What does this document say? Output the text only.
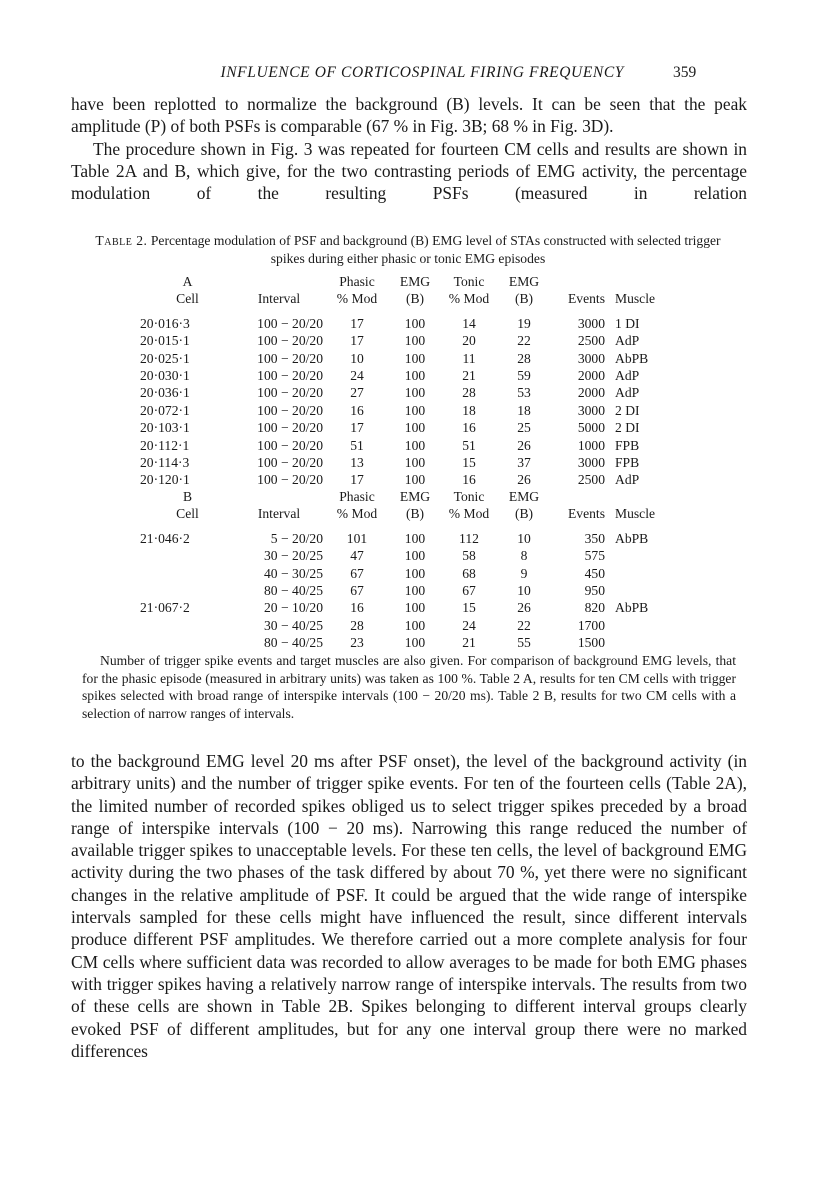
INFLUENCE OF CORTICOSPINAL FIRING FREQUENCY	359

have been replotted to normalize the background (B) levels. It can be seen that the peak amplitude (P) of both PSFs is comparable (67 % in Fig. 3B; 68 % in Fig. 3D).

The procedure shown in Fig. 3 was repeated for fourteen CM cells and results are shown in Table 2A and B, which give, for the two contrasting periods of EMG activity, the percentage modulation of the resulting PSFs (measured in relation

Table 2. Percentage modulation of PSF and background (B) EMG level of STAs constructed with selected trigger spikes during either phasic or tonic EMG episodes
A		Phasic	EMG	Tonic	EMG		
Cell	Interval	% Mod	(B)	% Mod	(B)	Events	Muscle

20·016·3	100 − 20/20	17	100	14	19	3000	1 DI
20·015·1	100 − 20/20	17	100	20	22	2500	AdP
20·025·1	100 − 20/20	10	100	11	28	3000	AbPB
20·030·1	100 − 20/20	24	100	21	59	2000	AdP
20·036·1	100 − 20/20	27	100	28	53	2000	AdP
20·072·1	100 − 20/20	16	100	18	18	3000	2 DI
20·103·1	100 − 20/20	17	100	16	25	5000	2 DI
20·112·1	100 − 20/20	51	100	51	26	1000	FPB
20·114·3	100 − 20/20	13	100	15	37	3000	FPB
20·120·1	100 − 20/20	17	100	16	26	2500	AdP
B		Phasic	EMG	Tonic	EMG		
Cell	Interval	% Mod	(B)	% Mod	(B)	Events	Muscle

21·046·2	5 − 20/20	101	100	112	10	350	AbPB
	30 − 20/25	47	100	58	8	575	
	40 − 30/25	67	100	68	9	450	
	80 − 40/25	67	100	67	10	950	
21·067·2	20 − 10/20	16	100	15	26	820	AbPB
	30 − 40/25	28	100	24	22	1700	
	80 − 40/25	23	100	21	55	1500	

Number of trigger spike events and target muscles are also given. For comparison of background EMG levels, that for the phasic episode (measured in arbitrary units) was taken as 100 %. Table 2 A, results for ten CM cells with trigger spikes selected with broad range of interspike intervals (100 − 20/20 ms). Table 2 B, results for two CM cells with a selection of narrow ranges of intervals.

to the background EMG level 20 ms after PSF onset), the level of the background activity (in arbitrary units) and the number of trigger spike events. For ten of the fourteen cells (Table 2A), the limited number of recorded spikes obliged us to select trigger spikes preceded by a broad range of interspike intervals (100 − 20 ms). Narrowing this range reduced the number of available trigger spikes to unacceptable levels. For these ten cells, the level of background EMG activity during the two phases of the task differed by about 70 %, yet there were no significant changes in the relative amplitude of PSF. It could be argued that the wide range of interspike intervals sampled for these cells might have influenced the result, since different intervals produce different PSF amplitudes. We therefore carried out a more complete analysis for four CM cells where sufficient data was recorded to allow averages to be made for both EMG phases with trigger spikes having a relatively narrow range of interspike intervals. The results from two of these cells are shown in Table 2B. Spikes belonging to different interval groups clearly evoked PSF of different amplitudes, but for any one interval group there were no marked differences
